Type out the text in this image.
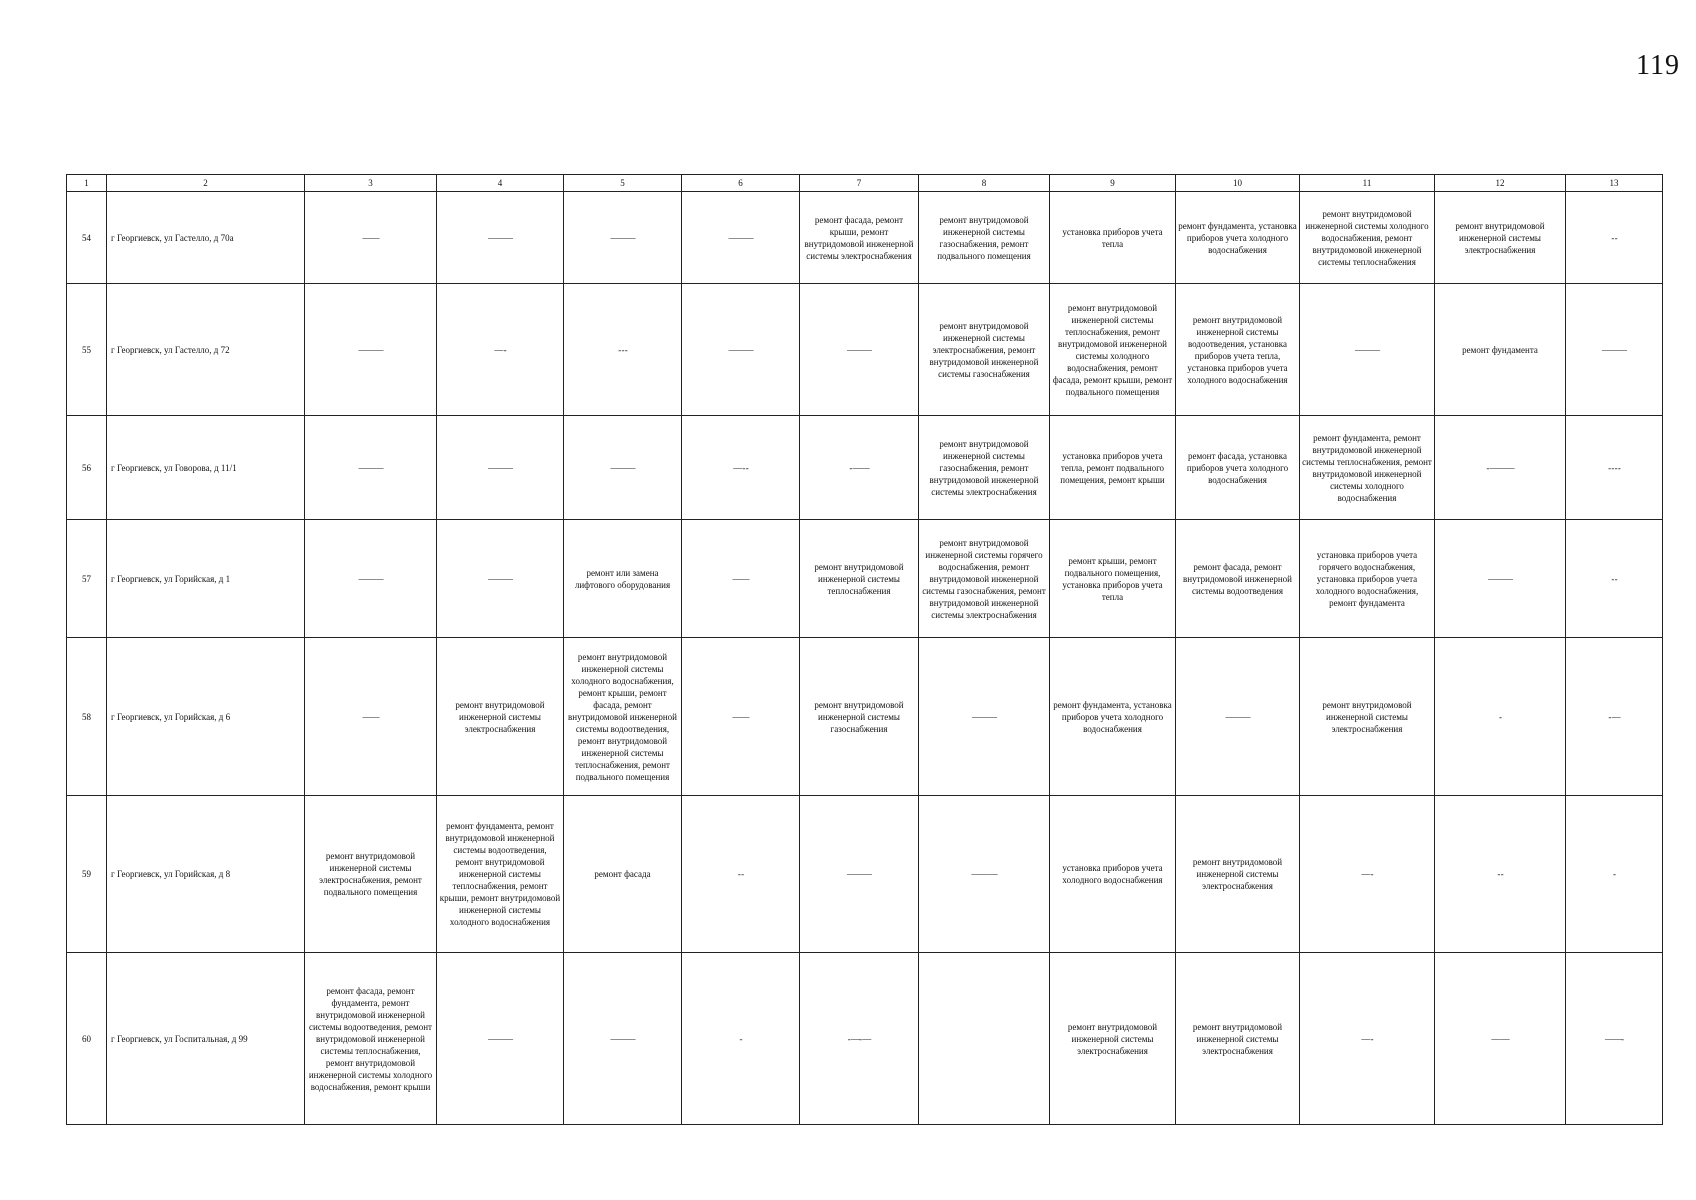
119
1	2	3	4	5	6	7	8	9	10	11	12	13
54	г Георгиевск, ул Гастелло, д 70а	——	———	———	———	ремонт фасада, ремонт крыши, ремонт внутридомовой инженерной системы электроснабжения	ремонт внутридомовой инженерной системы газоснабжения, ремонт подвального помещения	установка приборов учета тепла	ремонт фундамента, установка приборов учета холодного водоснабжения	ремонт внутридомовой инженерной системы холодного водоснабжения, ремонт внутридомовой инженерной системы теплоснабжения	ремонт внутридомовой инженерной системы электроснабжения	- -
55	г Георгиевск, ул Гастелло, д 72	———	— -	- - -	———	———	ремонт внутридомовой инженерной системы электроснабжения, ремонт внутридомовой инженерной системы газоснабжения	ремонт внутридомовой инженерной системы теплоснабжения, ремонт внутридомовой инженерной системы холодного водоснабжения, ремонт фасада, ремонт крыши, ремонт подвального помещения	ремонт внутридомовой инженерной системы водоотведения, установка приборов учета тепла, установка приборов учета холодного водоснабжения	———	ремонт фундамента	———
56	г Георгиевск, ул Говорова, д 11/1	———	———	———	— - -	- ——	ремонт внутридомовой инженерной системы газоснабжения, ремонт внутридомовой инженерной системы электроснабжения	установка приборов учета тепла, ремонт подвального помещения, ремонт крыши	ремонт фасада, установка приборов учета холодного водоснабжения	ремонт фундамента, ремонт внутридомовой инженерной системы теплоснабжения, ремонт внутридомовой инженерной системы холодного водоснабжения	- ———	- - - -
57	г Георгиевск, ул Горийская, д 1	———	———	ремонт или замена лифтового оборудования	——	ремонт внутридомовой инженерной системы теплоснабжения	ремонт внутридомовой инженерной системы горячего водоснабжения, ремонт внутридомовой инженерной системы газоснабжения, ремонт внутридомовой инженерной системы электроснабжения	ремонт крыши, ремонт подвального помещения, установка приборов учета тепла	ремонт фасада, ремонт внутридомовой инженерной системы водоотведения	установка приборов учета горячего водоснабжения, установка приборов учета холодного водоснабжения, ремонт фундамента	———	- -
58	г Георгиевск, ул Горийская, д 6	——	ремонт внутридомовой инженерной системы электроснабжения	ремонт внутридомовой инженерной системы холодного водоснабжения, ремонт крыши, ремонт фасада, ремонт внутридомовой инженерной системы водоотведения, ремонт внутридомовой инженерной системы теплоснабжения, ремонт подвального помещения	——	ремонт внутридомовой инженерной системы газоснабжения	———	ремонт фундамента, установка приборов учета холодного водоснабжения	———	ремонт внутридомовой инженерной системы электроснабжения	-	- —
59	г Георгиевск, ул Горийская, д 8	ремонт внутридомовой инженерной системы электроснабжения, ремонт подвального помещения	ремонт фундамента, ремонт внутридомовой инженерной системы водоотведения, ремонт внутридомовой инженерной системы теплоснабжения, ремонт крыши, ремонт внутридомовой инженерной системы холодного водоснабжения	ремонт фасада	- -	———	—— —	установка приборов учета холодного водоснабжения	ремонт внутридомовой инженерной системы электроснабжения	— -	- -	-
60	г Георгиевск, ул Госпитальная, д 99	ремонт фасада, ремонт фундамента, ремонт внутридомовой инженерной системы водоотведения, ремонт внутридомовой инженерной системы теплоснабжения, ремонт внутридомовой инженерной системы холодного водоснабжения, ремонт крыши	———	———	-	- —- —		ремонт внутридомовой инженерной системы электроснабжения	ремонт внутридомовой инженерной системы электроснабжения	— -	— —	——-
